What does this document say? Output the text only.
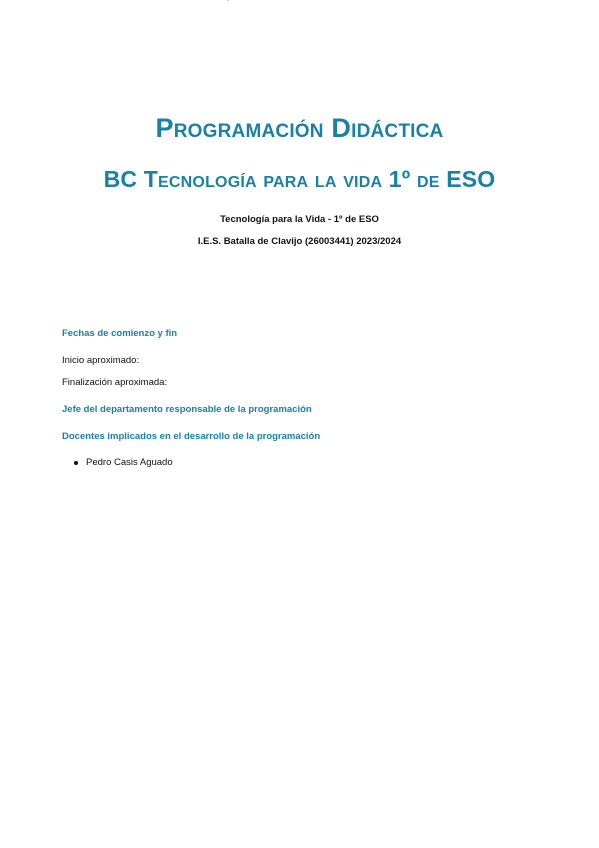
Programación Didáctica
BC Tecnología para la vida 1º de ESO
Tecnología para la Vida - 1º de ESO
I.E.S. Batalla de Clavijo (26003441) 2023/2024
Fechas de comienzo y fin
Inicio aproximado:
Finalización aproximada:
Jefe del departamento responsable de la programación
Docentes implicados en el desarrollo de la programación
Pedro Casis Aguado
